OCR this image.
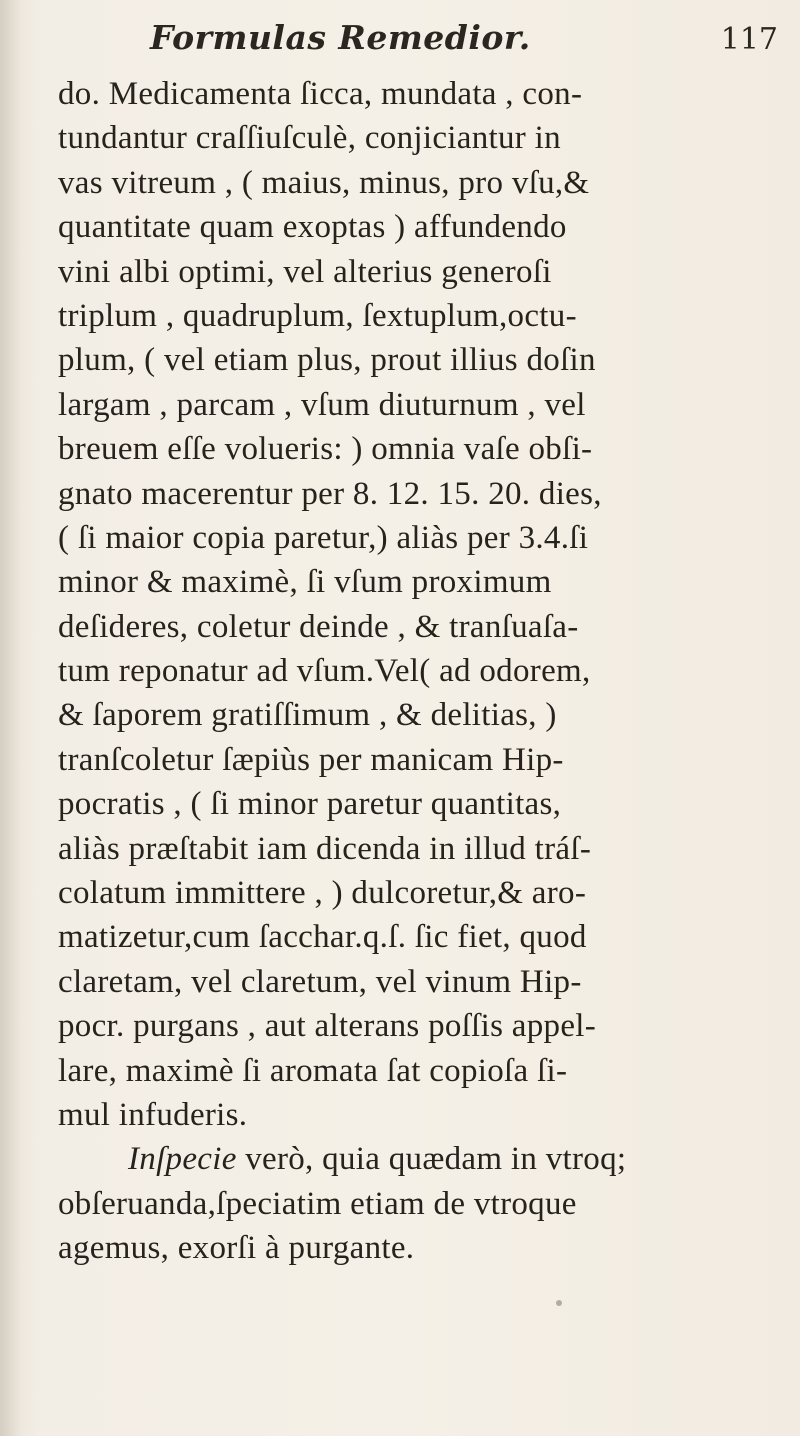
Formulas Remedior.	117
do. Medicamenta ſicca, mundata , con-
tundantur craſſiuſculè, conjiciantur in
vas vitreum , ( maius, minus, pro vſu,&
quantitate quam exoptas ) affundendo
vini albi optimi, vel alterius generoſi
triplum , quadruplum, ſextuplum,octu-
plum, ( vel etiam plus, prout illius doſin
largam , parcam , vſum diuturnum , vel
breuem eſſe volueris: ) omnia vaſe obſi-
gnato macerentur per 8. 12. 15. 20. dies,
( ſi maior copia paretur,) aliàs per 3.4.ſi
minor & maximè, ſi vſum proximum
deſideres, coletur deinde , & tranſuaſa-
tum reponatur ad vſum.Vel( ad odorem,
& ſaporem gratiſſimum , & delitias, )
tranſcoletur ſæpiùs per manicam Hip-
pocratis , ( ſi minor paretur quantitas,
aliàs præſtabit iam dicenda in illud tráſ-
colatum immittere , ) dulcoretur,& aro-
matizetur,cum ſacchar.q.ſ. ſic fiet, quod
claretam, vel claretum, vel vinum Hip-
pocr. purgans , aut alterans poſſis appel-
lare, maximè ſi aromata ſat copioſa ſi-
mul infuderis.
Inſpecie verò, quia quædam in vtroq;
obſeruanda,ſpeciatim etiam de vtroque
agemus, exorſi à purgante.
